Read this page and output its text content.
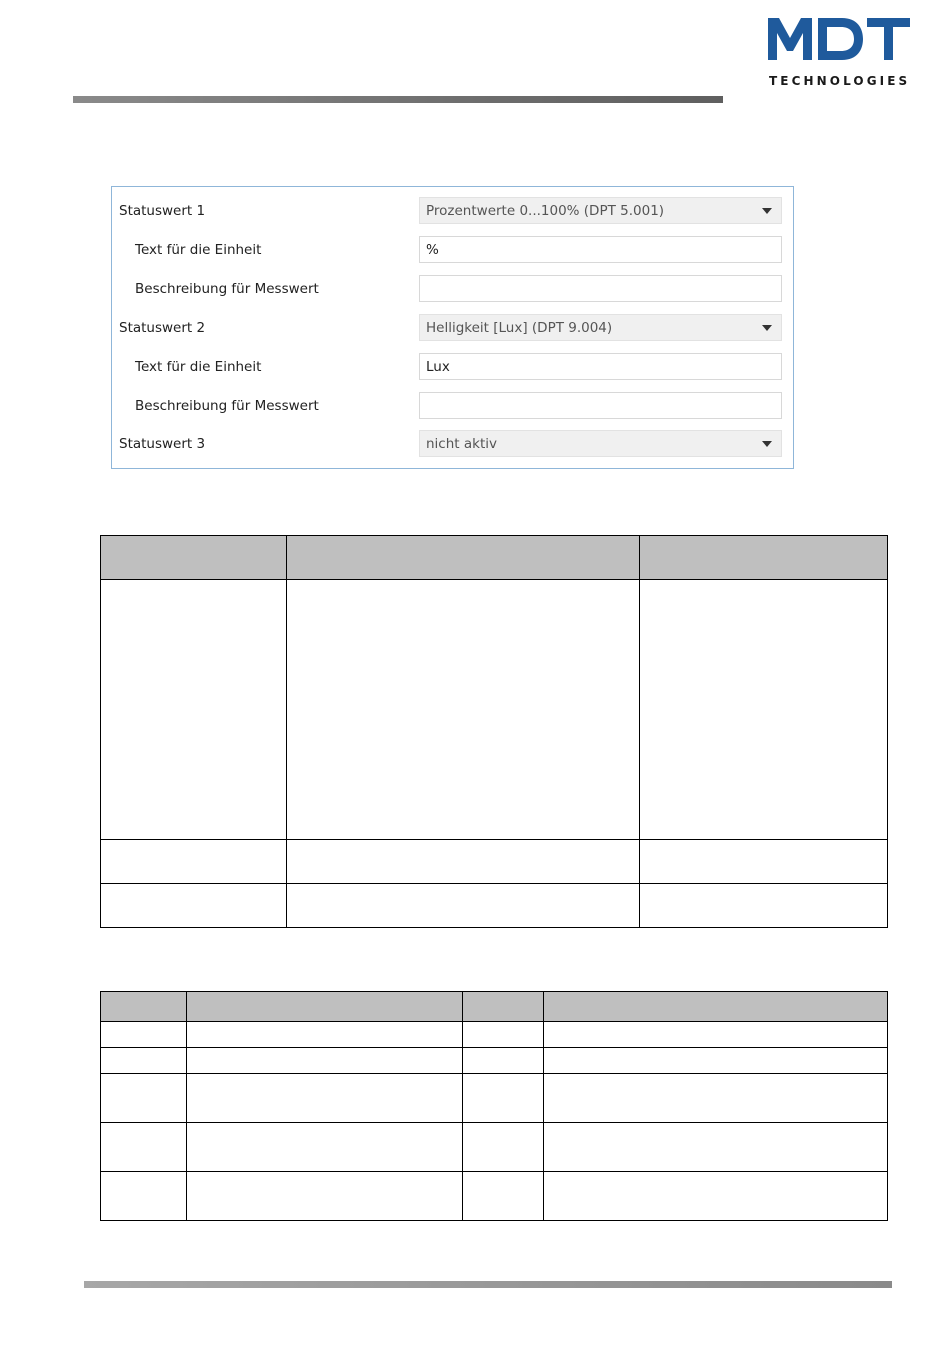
TECHNOLOGIES
Statuswert 1	Prozentwerte 0...100% (DPT 5.001)
Text für die Einheit	%
Beschreibung für Messwert
Statuswert 2	Helligkeit [Lux] (DPT 9.004)
Text für die Einheit	Lux
Beschreibung für Messwert
Statuswert 3	nicht aktiv
